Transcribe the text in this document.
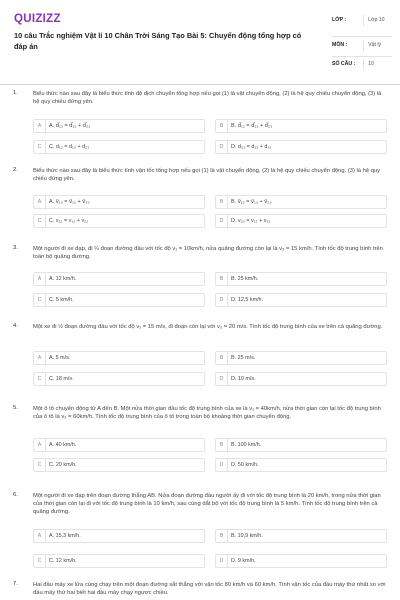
QUIZIZZ
10 câu Trắc nghiệm Vật lí 10 Chân Trời Sáng Tạo Bài 5: Chuyển động tổng hợp có đáp án
LỚP :	Lớp 10
MÔN :	Vật lý
SỐ CÂU :	10
1.	Biểu thức nào sau đây là biểu thức tính độ dịch chuyển tổng hợp nếu gọi (1) là vật chuyển động, (2) là hệ quy chiếu chuyển động, (3) là hệ quy chiếu đứng yên.
A	A. d⃗₁₃ = d⃗₁₂ + d⃗₂₃	B	B. d⃗₁₂ = d⃗₁₃ + d⃗₂₃
C	C. d₁₂ = d₁₃ + d₂₃	D	D. d₂₃ = d₁₂ + d₁₃
2.	Biểu thức nào sau đây là biểu thức tính vận tốc tổng hợp nếu gọi (1) là vật chuyển động, (2) là hệ quy chiếu chuyển động, (3) là hệ quy chiếu đứng yên.
A	A. v⃗₁₃ = v⃗₁₂ + v⃗₂₃	B	B. v⃗₁₂ = v⃗₁₃ + v⃗₂₃
C	C. v₁₂ = v₁₃ + v₂₃	D	D. v₂₃ = v₁₂ + v₁₃
3.	Một người đi xe đạp, đi ¼ đoạn đường đầu với tốc độ v₁ = 10km/h, nửa quãng đường còn lại là v₂ = 15 km/h. Tính tốc độ trung bình trên toàn bộ quãng đường.
A	A. 12 km/h.	B	B. 25 km/h.
C	C. 5 km/h.	D	D. 12,5 km/h.
4.	Một xe đi ½ đoạn đường đầu với tốc độ v₁ = 15 m/s, đi đoạn còn lại với v₂ = 20 m/s. Tính tốc độ trung bình của xe trên cả quãng đường.
A	A. 5 m/s.	B	B. 25 m/s.
C	C. 18 m/s.	D	D. 10 m/s.
5.	Một ô tô chuyển động từ A đến B. Một nửa thời gian đầu tốc độ trung bình của xe là v₁ = 40km/h, nửa thời gian còn lại tốc độ trung bình của ô tô là v₂ = 60km/h. Tính tốc độ trung bình của ô tô trong toàn bộ khoảng thời gian chuyển động.
A	A. 40 km/h.	B	B. 100 km/h.
C	C. 20 km/h.	D	D. 50 km/h.
6.	Một người đi xe đạp trên đoạn đường thẳng AB. Nửa đoạn đường đầu người ấy đi với tốc độ trung bình là 20 km/h, trong nửa thời gian của thời gian còn lại đi với tốc độ trung bình là 10 km/h, sau cùng dắt bộ với tốc độ trung bình là 5 km/h. Tính tốc độ trung bình trên cả quãng đường.
A	A. 15,3 km/h.	B	B. 10,9 km/h.
C	C. 12 km/h.	D	D. 9 km/h.
7.	Hai đầu máy xe lửa cùng chạy trên một đoạn đường sắt thẳng với vận tốc 80 km/h và 60 km/h. Tính vận tốc của đầu máy thứ nhất so với đầu máy thứ hai biết hai đầu máy chạy ngược chiều.
